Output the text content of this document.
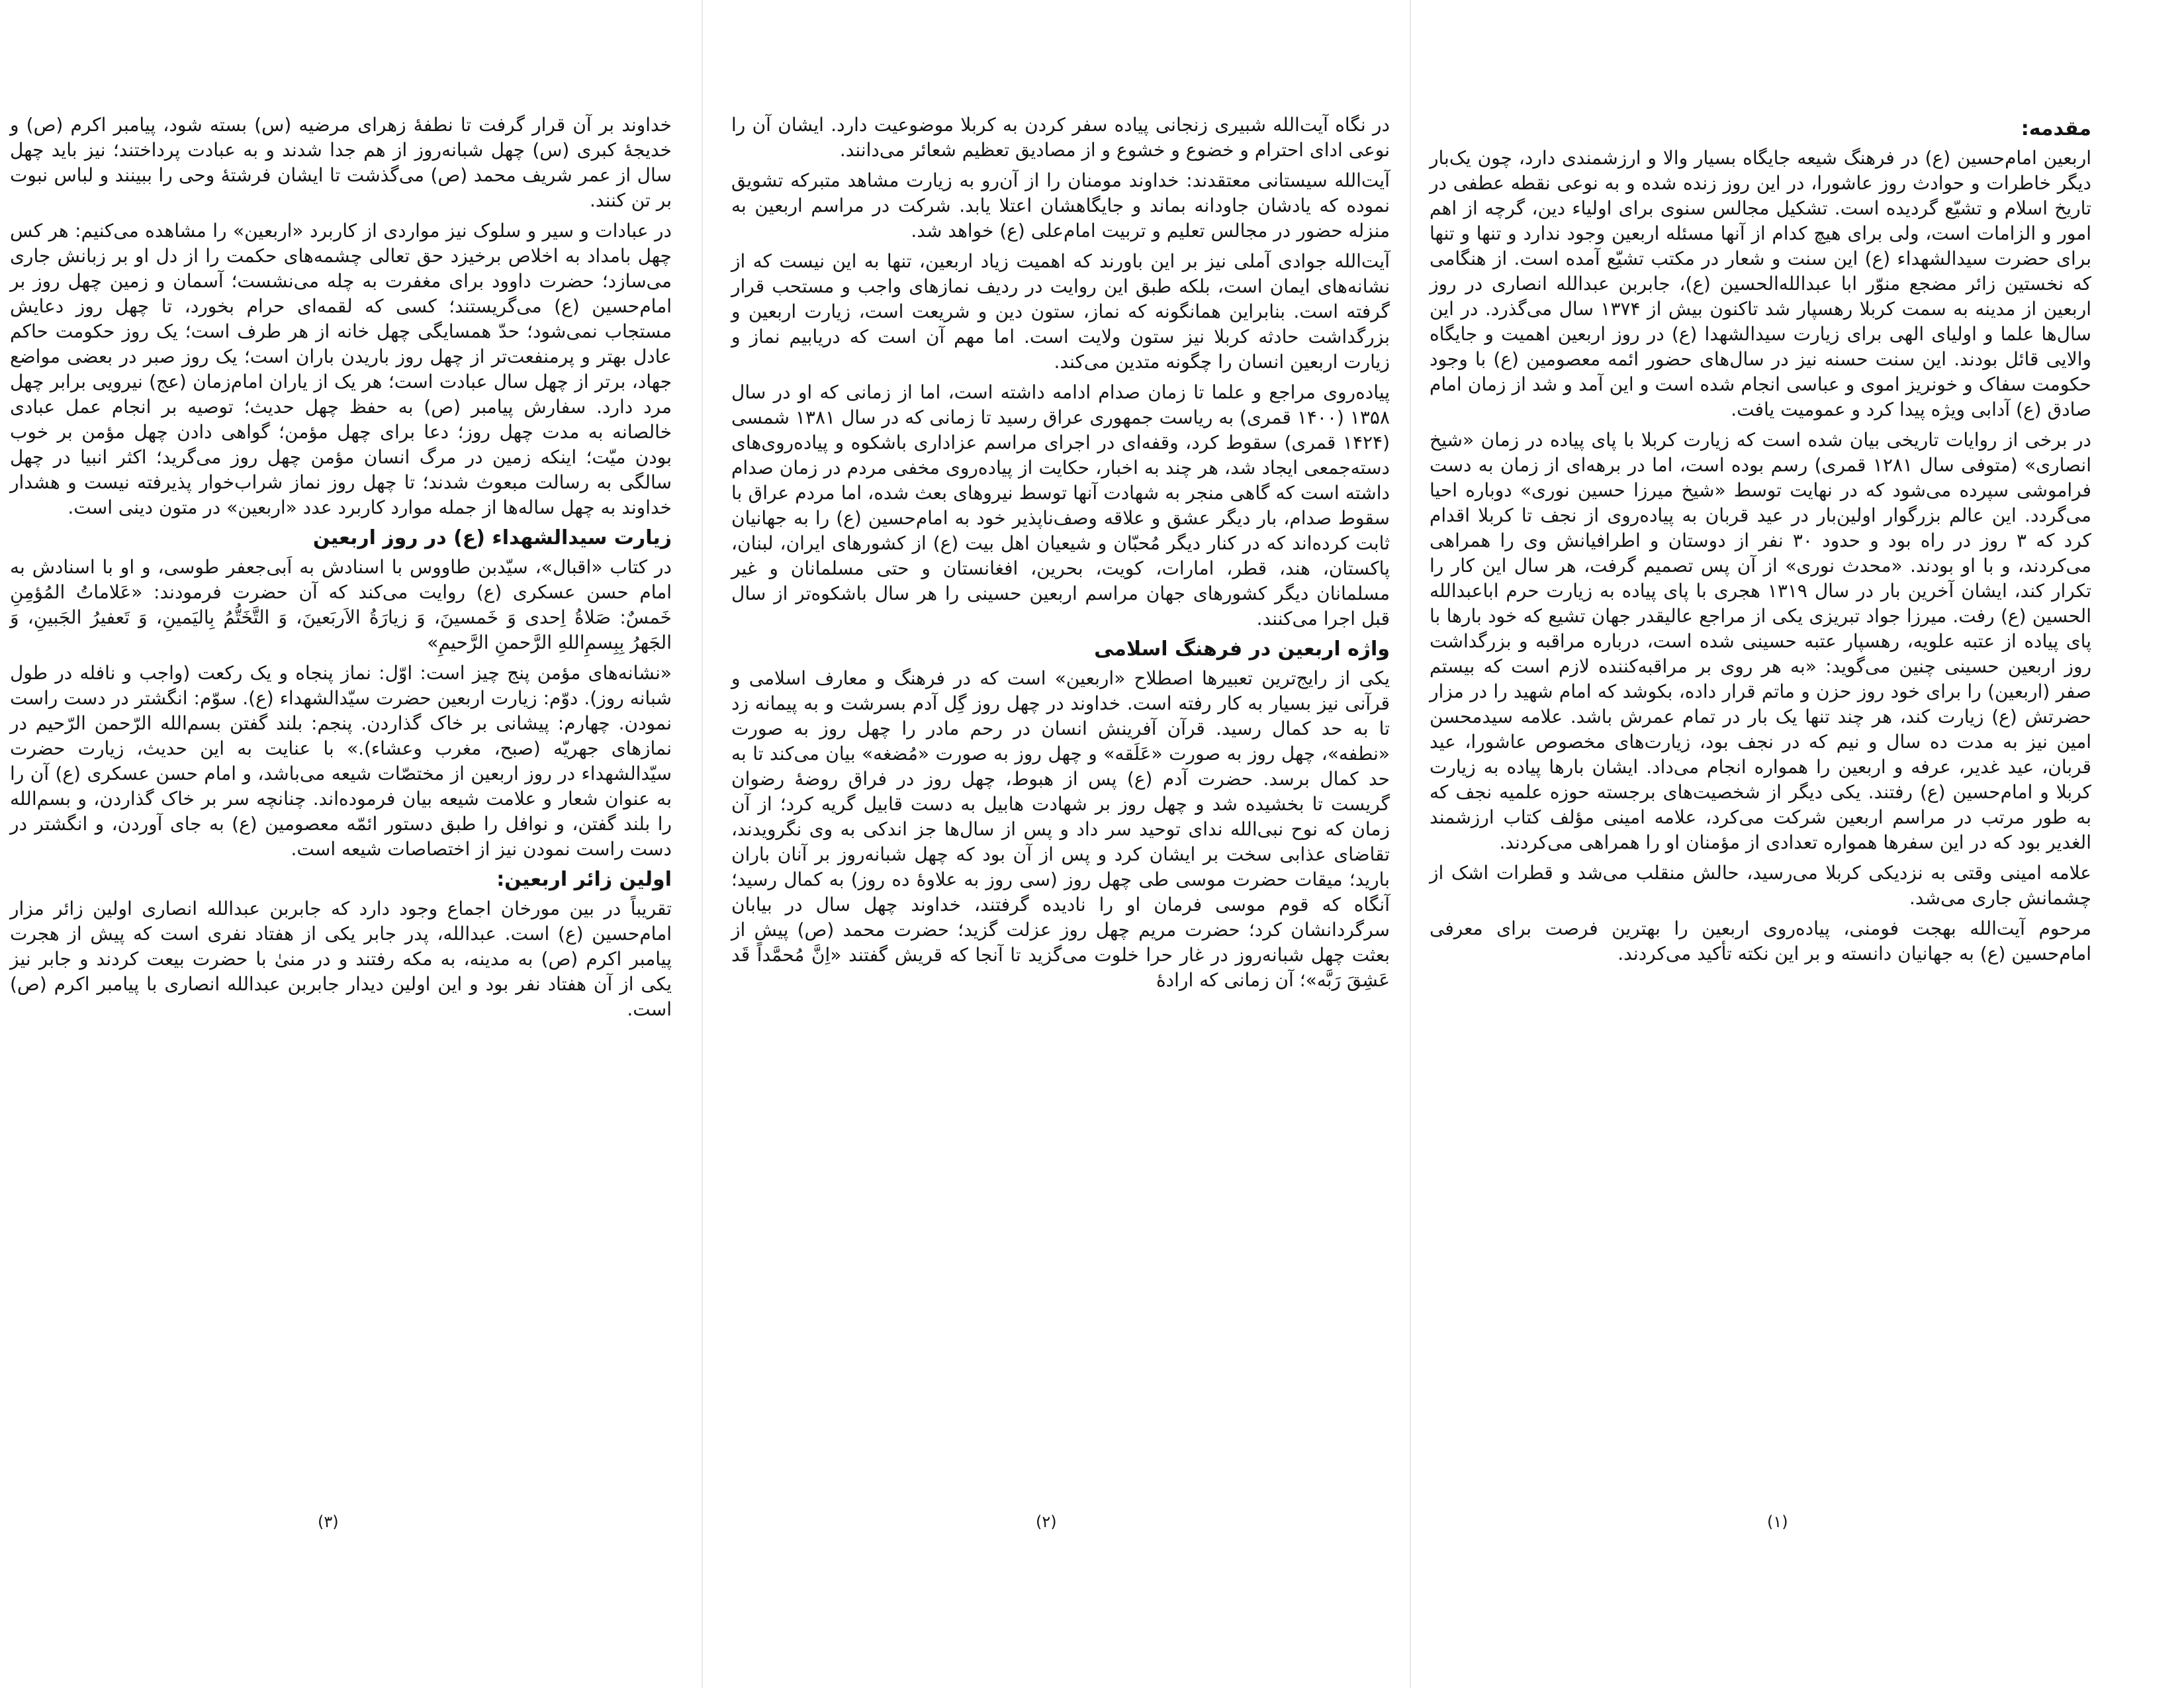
مقدمه:

اربعین امام‌حسین (ع) در فرهنگ شیعه جایگاه بسیار والا و ارزشمندی دارد، چون یک‌بار دیگر خاطرات و حوادث روز عاشورا، در این روز زنده شده و به نوعی نقطه عطفی در تاریخ اسلام و تشیّع گردیده است. تشکیل مجالس سنوی برای اولیاء دین، گرچه از اهم امور و الزامات است، ولی برای هیچ کدام از آنها مسئله اربعین وجود ندارد و تنها و تنها برای حضرت سیدالشهداء (ع) این سنت و شعار در مکتب تشیّع آمده است. از هنگامی که نخستین زائر مضجع منوّر ابا عبدالله‌الحسین (ع)، جابربن عبدالله انصاری در روز اربعین از مدینه به سمت کربلا رهسپار شد تاکنون بیش از ۱۳۷۴ سال می‌گذرد. در این سال‌ها علما و اولیای الهی برای زیارت سیدالشهدا (ع) در روز اربعین اهمیت و جایگاه والایی قائل بودند. این سنت حسنه نیز در سال‌های حضور ائمه معصومین (ع) با وجود حکومت سفاک و خونریز اموی و عباسی انجام شده است و این آمد و شد از زمان امام صادق (ع) آدابی ویژه پیدا کرد و عمومیت یافت.

در برخی از روایات تاریخی بیان شده است که زیارت کربلا با پای پیاده در زمان «شیخ انصاری» (متوفی سال ۱۲۸۱ قمری) رسم بوده است، اما در برهه‌ای از زمان به دست فراموشی سپرده می‌شود که در نهایت توسط «شیخ میرزا حسین نوری» دوباره احیا می‌گردد. این عالم بزرگوار اولین‌بار در عید قربان به پیاده‌روی از نجف تا کربلا اقدام کرد که ۳ روز در راه بود و حدود ۳۰ نفر از دوستان و اطرافیانش وی را همراهی می‌کردند، و با او بودند. «محدث نوری» از آن پس تصمیم گرفت، هر سال این کار را تکرار کند، ایشان آخرین بار در سال ۱۳۱۹ هجری با پای پیاده به زیارت حرم اباعبدالله الحسین (ع) رفت. میرزا جواد تبریزی یکی از مراجع عالیقدر جهان تشیع که خود بارها با پای پیاده از عتبه علویه، رهسپار عتبه حسینی شده است، درباره مراقبه و بزرگداشت روز اربعین حسینی چنین می‌گوید: «به هر روی بر مراقبه‌کننده لازم است که بیستم صفر (اربعین) را برای خود روز حزن و ماتم قرار داده، بکوشد که امام شهید را در مزار حضرتش (ع) زیارت کند، هر چند تنها یک بار در تمام عمرش باشد. علامه سیدمحسن امین نیز به مدت ده سال و نیم که در نجف بود، زیارت‌های مخصوص عاشورا، عید قربان، عید غدیر، عرفه و اربعین را همواره انجام می‌داد. ایشان بارها پیاده به زیارت کربلا و امام‌حسین (ع) رفتند. یکی دیگر از شخصیت‌های برجسته حوزه علمیه نجف که به طور مرتب در مراسم اربعین شرکت می‌کرد، علامه امینی مؤلف کتاب ارزشمند الغدیر بود که در این سفرها همواره تعدادی از مؤمنان او را همراهی می‌کردند.

علامه امینی وقتی به نزدیکی کربلا می‌رسید، حالش منقلب می‌شد و قطرات اشک از چشمانش جاری می‌شد.

مرحوم آیت‌الله بهجت فومنی، پیاده‌روی اربعین را بهترین فرصت برای معرفی امام‌حسین (ع) به جهانیان دانسته و بر این نکته تأکید می‌کردند.

(۱)

در نگاه آیت‌الله شبیری زنجانی پیاده سفر کردن به کربلا موضوعیت دارد. ایشان آن را نوعی ادای احترام و خضوع و خشوع و از مصادیق تعظیم شعائر می‌دانند.

آیت‌الله سیستانی معتقدند: خداوند مومنان را از آن‌رو به زیارت مشاهد متبرکه تشویق نموده که یادشان جاودانه بماند و جایگاهشان اعتلا یابد. شرکت در مراسم اربعین به منزله حضور در مجالس تعلیم و تربیت امام‌علی (ع) خواهد شد.

آیت‌الله جوادی آملی نیز بر این باورند که اهمیت زیاد اربعین، تنها به این نیست که از نشانه‌های ایمان است، بلکه طبق این روایت در ردیف نمازهای واجب و مستحب قرار گرفته است. بنابراین همانگونه که نماز، ستون دین و شریعت است، زیارت اربعین و بزرگداشت حادثه کربلا نیز ستون ولایت است. اما مهم آن است که دریابیم نماز و زیارت اربعین انسان را چگونه متدین می‌کند.

پیاده‌روی مراجع و علما تا زمان صدام ادامه داشته است، اما از زمانی که او در سال ۱۳۵۸ (۱۴۰۰ قمری) به ریاست جمهوری عراق رسید تا زمانی که در سال ۱۳۸۱ شمسی (۱۴۲۴ قمری) سقوط کرد، وقفه‌ای در اجرای مراسم عزاداری باشکوه و پیاده‌روی‌های دسته‌جمعی ایجاد شد، هر چند به اخبار، حکایت از پیاده‌روی مخفی مردم در زمان صدام داشته است که گاهی منجر به شهادت آنها توسط نیروهای بعث شده، اما مردم عراق با سقوط صدام، بار دیگر عشق و علاقه وصف‌ناپذیر خود به امام‌حسین (ع) را به جهانیان ثابت کرده‌اند که در کنار دیگر مُحبّان و شیعیان اهل بیت (ع) از کشورهای ایران، لبنان، پاکستان، هند، قطر، امارات، کویت، بحرین، افغانستان و حتی مسلمانان و غیر مسلمانان دیگر کشورهای جهان مراسم اربعین حسینی را هر سال باشکوه‌تر از سال قبل اجرا می‌کنند.

واژه اربعین در فرهنگ اسلامی

یکی از رایج‌ترین تعبیرها اصطلاح «اربعین» است که در فرهنگ و معارف اسلامی و قرآنی نیز بسیار به کار رفته است. خداوند در چهل روز گِل آدم بسرشت و به پیمانه زد تا به حد کمال رسید. قرآن آفرینش انسان در رحم مادر را چهل روز به صورت «نطفه»، چهل روز به صورت «عَلَقه» و چهل روز به صورت «مُضغه» بیان می‌کند تا به حد کمال برسد. حضرت آدم (ع) پس از هبوط، چهل روز در فراق روضهٔ رضوان گریست تا بخشیده شد و چهل روز بر شهادت هابیل به دست قابیل گریه کرد؛ از آن زمان که نوح نبی‌الله ندای توحید سر داد و پس از سال‌ها جز اندکی به وی نگرویدند، تقاضای عذابی سخت بر ایشان کرد و پس از آن بود که چهل شبانه‌روز بر آنان باران بارید؛ میقات حضرت موسی طی چهل روز (سی روز به علاوهٔ ده روز) به کمال رسید؛ آنگاه که قوم موسی فرمان او را نادیده گرفتند، خداوند چهل سال در بیابان سرگردانشان کرد؛ حضرت مریم چهل روز عزلت گزید؛ حضرت محمد (ص) پیش از بعثت چهل شبانه‌روز در غار حرا خلوت می‌گزید تا آنجا که قریش گفتند «اِنَّ مُحمَّداً قَد عَشِقَ رَبَّه»؛ آن زمانی که ارادهٔ

(۲)

خداوند بر آن قرار گرفت تا نطفهٔ زهرای مرضیه (س) بسته شود، پیامبر اکرم (ص) و خدیجهٔ کبری (س) چهل شبانه‌روز از هم جدا شدند و به عبادت پرداختند؛ نیز باید چهل سال از عمر شریف محمد (ص) می‌گذشت تا ایشان فرشتهٔ وحی را ببینند و لباس نبوت بر تن کنند.

در عبادات و سیر و سلوک نیز مواردی از کاربرد «اربعین» را مشاهده می‌کنیم: هر کس چهل بامداد به اخلاص برخیزد حق تعالی چشمه‌های حکمت را از دل او بر زبانش جاری می‌سازد؛ حضرت داوود برای مغفرت به چله می‌نشست؛ آسمان و زمین چهل روز بر امام‌حسین (ع) می‌گریستند؛ کسی که لقمه‌ای حرام بخورد، تا چهل روز دعایش مستجاب نمی‌شود؛ حدّ همسایگی چهل خانه از هر طرف است؛ یک روز حکومت حاکم عادل بهتر و پرمنفعت‌تر از چهل روز باریدن باران است؛ یک روز صبر در بعضی مواضع جهاد، برتر از چهل سال عبادت است؛ هر یک از یاران امام‌زمان (عج) نیرویی برابر چهل مرد دارد. سفارش پیامبر (ص) به حفظ چهل حدیث؛ توصیه بر انجام عمل عبادی خالصانه به مدت چهل روز؛ دعا برای چهل مؤمن؛ گواهی دادن چهل مؤمن بر خوب بودن میّت؛ اینکه زمین در مرگ انسان مؤمن چهل روز می‌گرید؛ اکثر انبیا در چهل سالگی به رسالت مبعوث شدند؛ تا چهل روز نماز شراب‌خوار پذیرفته نیست و هشدار خداوند به چهل ساله‌ها از جمله موارد کاربرد عدد «اربعین» در متون دینی است.

زیارت سیدالشهداء (ع) در روز اربعین

در کتاب «اقبال»، سیّدبن طاووس با اسنادش به اَبی‌جعفر طوسی، و او با اسنادش به امام حسن عسکری (ع) روایت می‌کند که آن حضرت فرمودند: «عَلاماتُ المُؤمِنِ خَمسٌ: صَلاةُ اِحدی وَ خَمسینَ، وَ زیارَةُ الاَربَعینَ، وَ التَّخَتُّمُ بِالیَمینِ، وَ تَعفیرُ الجَبینِ، وَ الجَهرُ بِبِسمِ‌اللهِ الرَّحمنِ الرَّحیمِ»

«نشانه‌های مؤمن پنج چیز است: اوّل: نماز پنجاه و یک رکعت (واجب و نافله در طول شبانه روز). دوّم: زیارت اربعین حضرت سیّدالشهداء (ع). سوّم: انگشتر در دست راست نمودن. چهارم: پیشانی بر خاک گذاردن. پنجم: بلند گفتن بسم‌الله الرّحمن الرّحیم در نمازهای جهریّه (صبح، مغرب وعشاء).» با عنایت به این حدیث، زیارت حضرت سیّدالشهداء در روز اربعین از مختصّات شیعه می‌باشد، و امام حسن عسکری (ع) آن را به عنوان شعار و علامت شیعه بیان فرموده‌اند. چنانچه سر بر خاک گذاردن، و بسم‌الله را بلند گفتن، و نوافل را طبق دستور ائمّه معصومین (ع) به جای آوردن، و انگشتر در دست راست نمودن نیز از اختصاصات شیعه است.

اولین زائر اربعین:

تقریباً در بین مورخان اجماع وجود دارد که جابربن عبدالله انصاری اولین زائر مزار امام‌حسین (ع) است. عبدالله، پدر جابر یکی از هفتاد نفری است که پیش از هجرت پیامبر اکرم (ص) به مدینه، به مکه رفتند و در منیٰ با حضرت بیعت کردند و جابر نیز یکی از آن هفتاد نفر بود و این اولین دیدار جابربن عبدالله انصاری با پیامبر اکرم (ص) است.

(۳)
